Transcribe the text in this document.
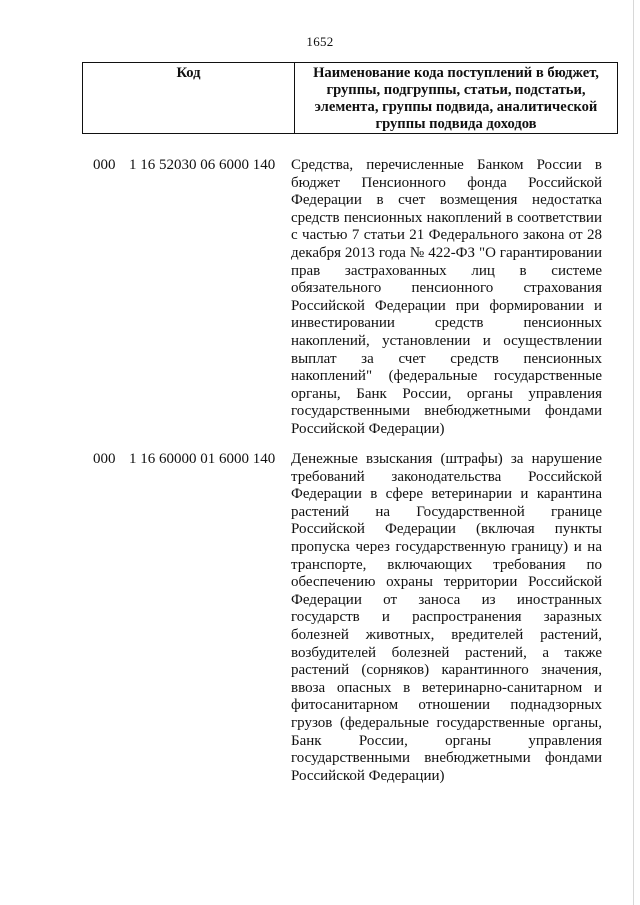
1652
Код	Наименование кода поступлений в бюджет, группы, подгруппы, статьи, подстатьи, элемента, группы подвида, аналитической группы подвида доходов
000 1 16 52030 06 6000 140 Средства, перечисленные Банком России в бюджет Пенсионного фонда Российской Федерации в счет возмещения недостатка средств пенсионных накоплений в соответствии с частью 7 статьи 21 Федерального закона от 28 декабря 2013 года № 422-ФЗ "О гарантировании прав застрахованных лиц в системе обязательного пенсионного страхования Российской Федерации при формировании и инвестировании средств пенсионных накоплений, установлении и осуществлении выплат за счет средств пенсионных накоплений" (федеральные государственные органы, Банк России, органы управления государственными внебюджетными фондами Российской Федерации)
000 1 16 60000 01 6000 140 Денежные взыскания (штрафы) за нарушение требований законодательства Российской Федерации в сфере ветеринарии и карантина растений на Государственной границе Российской Федерации (включая пункты пропуска через государственную границу) и на транспорте, включающих требования по обеспечению охраны территории Российской Федерации от заноса из иностранных государств и распространения заразных болезней животных, вредителей растений, возбудителей болезней растений, а также растений (сорняков) карантинного значения, ввоза опасных в ветеринарно-санитарном и фитосанитарном отношении поднадзорных грузов (федеральные государственные органы, Банк России, органы управления государственными внебюджетными фондами Российской Федерации)
